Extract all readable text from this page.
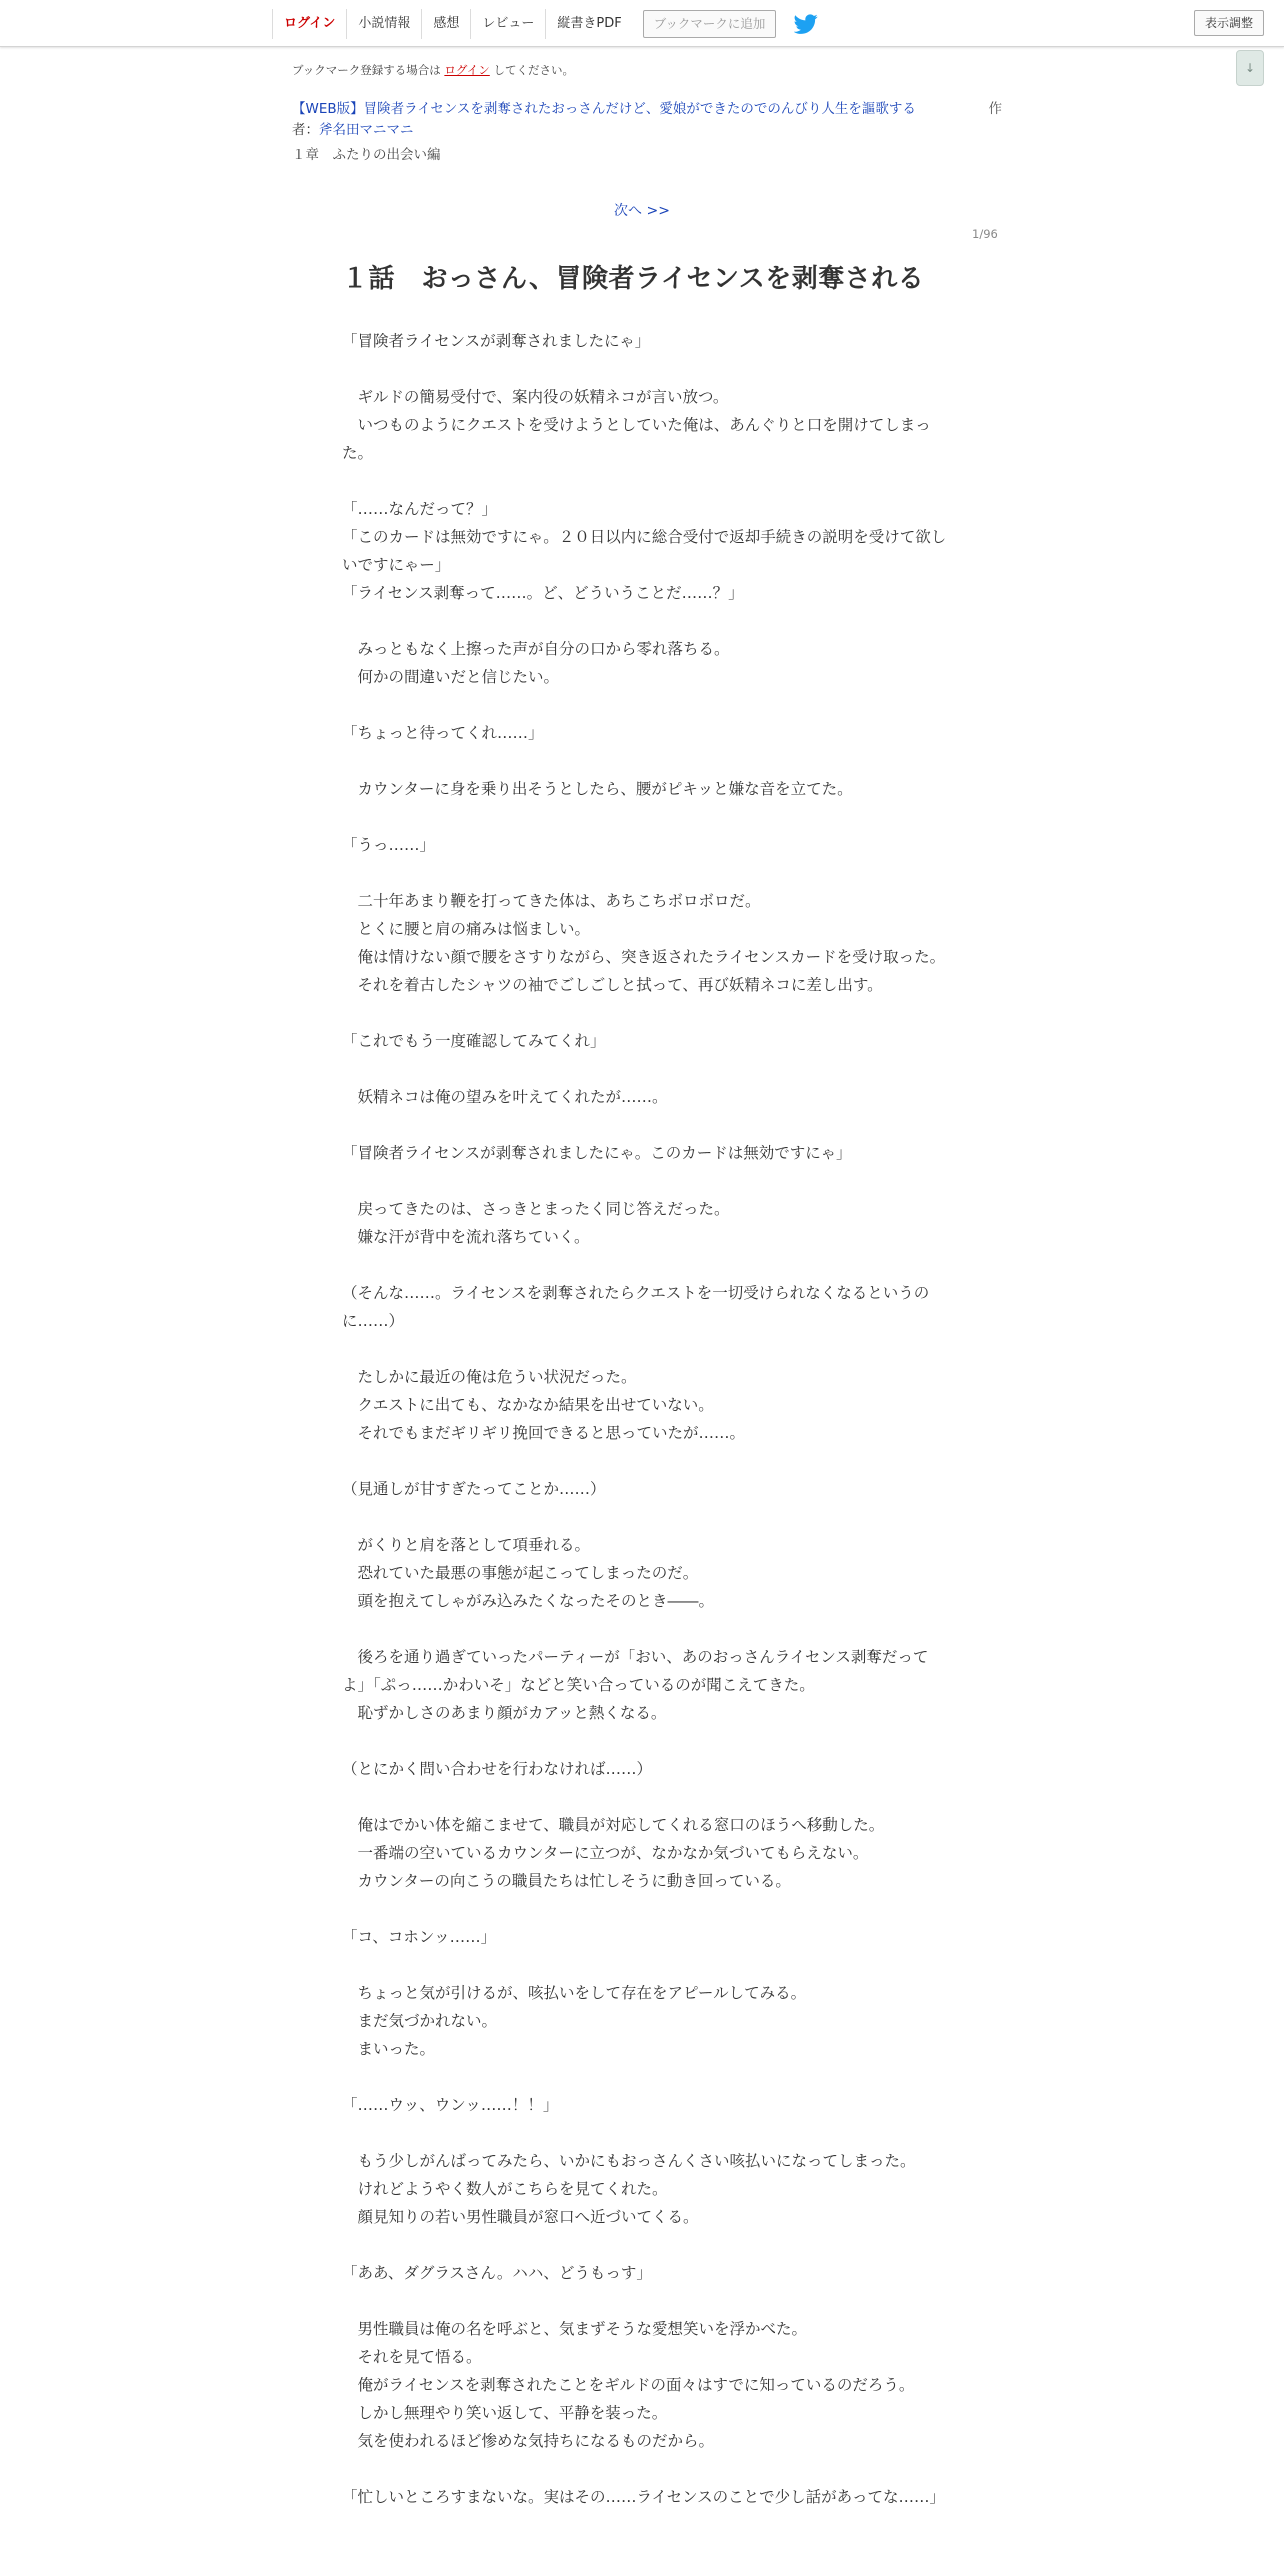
ログイン	小説情報	感想	レビュー	縦書きPDF	ブックマークに追加	表示調整
↓
ブックマーク登録する場合は ログイン してください。
【WEB版】冒険者ライセンスを剥奪されたおっさんだけど、愛娘ができたのでのんびり人生を謳歌する	作
者：斧名田マニマニ
１章　ふたりの出会い編
次へ >>
1/96
１話　おっさん、冒険者ライセンスを剥奪される

「冒険者ライセンスが剥奪されましたにゃ」

　ギルドの簡易受付で、案内役の妖精ネコが言い放つ。

　いつものようにクエストを受けようとしていた俺は、あんぐりと口を開けてしまった。

「……なんだって？」

「このカードは無効ですにゃ。２０日以内に総合受付で返却手続きの説明を受けて欲しいですにゃー」

「ライセンス剥奪って……。ど、どういうことだ……？」

　みっともなく上擦った声が自分の口から零れ落ちる。

　何かの間違いだと信じたい。

「ちょっと待ってくれ……」

　カウンターに身を乗り出そうとしたら、腰がピキッと嫌な音を立てた。

「うっ……」

　二十年あまり鞭を打ってきた体は、あちこちボロボロだ。

　とくに腰と肩の痛みは悩ましい。

　俺は情けない顔で腰をさすりながら、突き返されたライセンスカードを受け取った。

　それを着古したシャツの袖でごしごしと拭って、再び妖精ネコに差し出す。

「これでもう一度確認してみてくれ」

　妖精ネコは俺の望みを叶えてくれたが……。

「冒険者ライセンスが剥奪されましたにゃ。このカードは無効ですにゃ」

　戻ってきたのは、さっきとまったく同じ答えだった。

　嫌な汗が背中を流れ落ちていく。

（そんな……。ライセンスを剥奪されたらクエストを一切受けられなくなるというのに……）

　たしかに最近の俺は危うい状況だった。

　クエストに出ても、なかなか結果を出せていない。

　それでもまだギリギリ挽回できると思っていたが……。

（見通しが甘すぎたってことか……）

　がくりと肩を落として項垂れる。

　恐れていた最悪の事態が起こってしまったのだ。

　頭を抱えてしゃがみ込みたくなったそのとき――。

　後ろを通り過ぎていったパーティーが「おい、あのおっさんライセンス剥奪だってよ」「ぷっ……かわいそ」などと笑い合っているのが聞こえてきた。

　恥ずかしさのあまり顔がカアッと熱くなる。

（とにかく問い合わせを行わなければ……）

　俺はでかい体を縮こませて、職員が対応してくれる窓口のほうへ移動した。

　一番端の空いているカウンターに立つが、なかなか気づいてもらえない。

　カウンターの向こうの職員たちは忙しそうに動き回っている。

「コ、コホンッ……」

　ちょっと気が引けるが、咳払いをして存在をアピールしてみる。

　まだ気づかれない。

　まいった。

「……ウッ、ウンッ……！！」

　もう少しがんばってみたら、いかにもおっさんくさい咳払いになってしまった。

　けれどようやく数人がこちらを見てくれた。

　顔見知りの若い男性職員が窓口へ近づいてくる。

「ああ、ダグラスさん。ハハ、どうもっす」

　男性職員は俺の名を呼ぶと、気まずそうな愛想笑いを浮かべた。

　それを見て悟る。

　俺がライセンスを剥奪されたことをギルドの面々はすでに知っているのだろう。

　しかし無理やり笑い返して、平静を装った。

　気を使われるほど惨めな気持ちになるものだから。

「忙しいところすまないな。実はその……ライセンスのことで少し話があってな……」
